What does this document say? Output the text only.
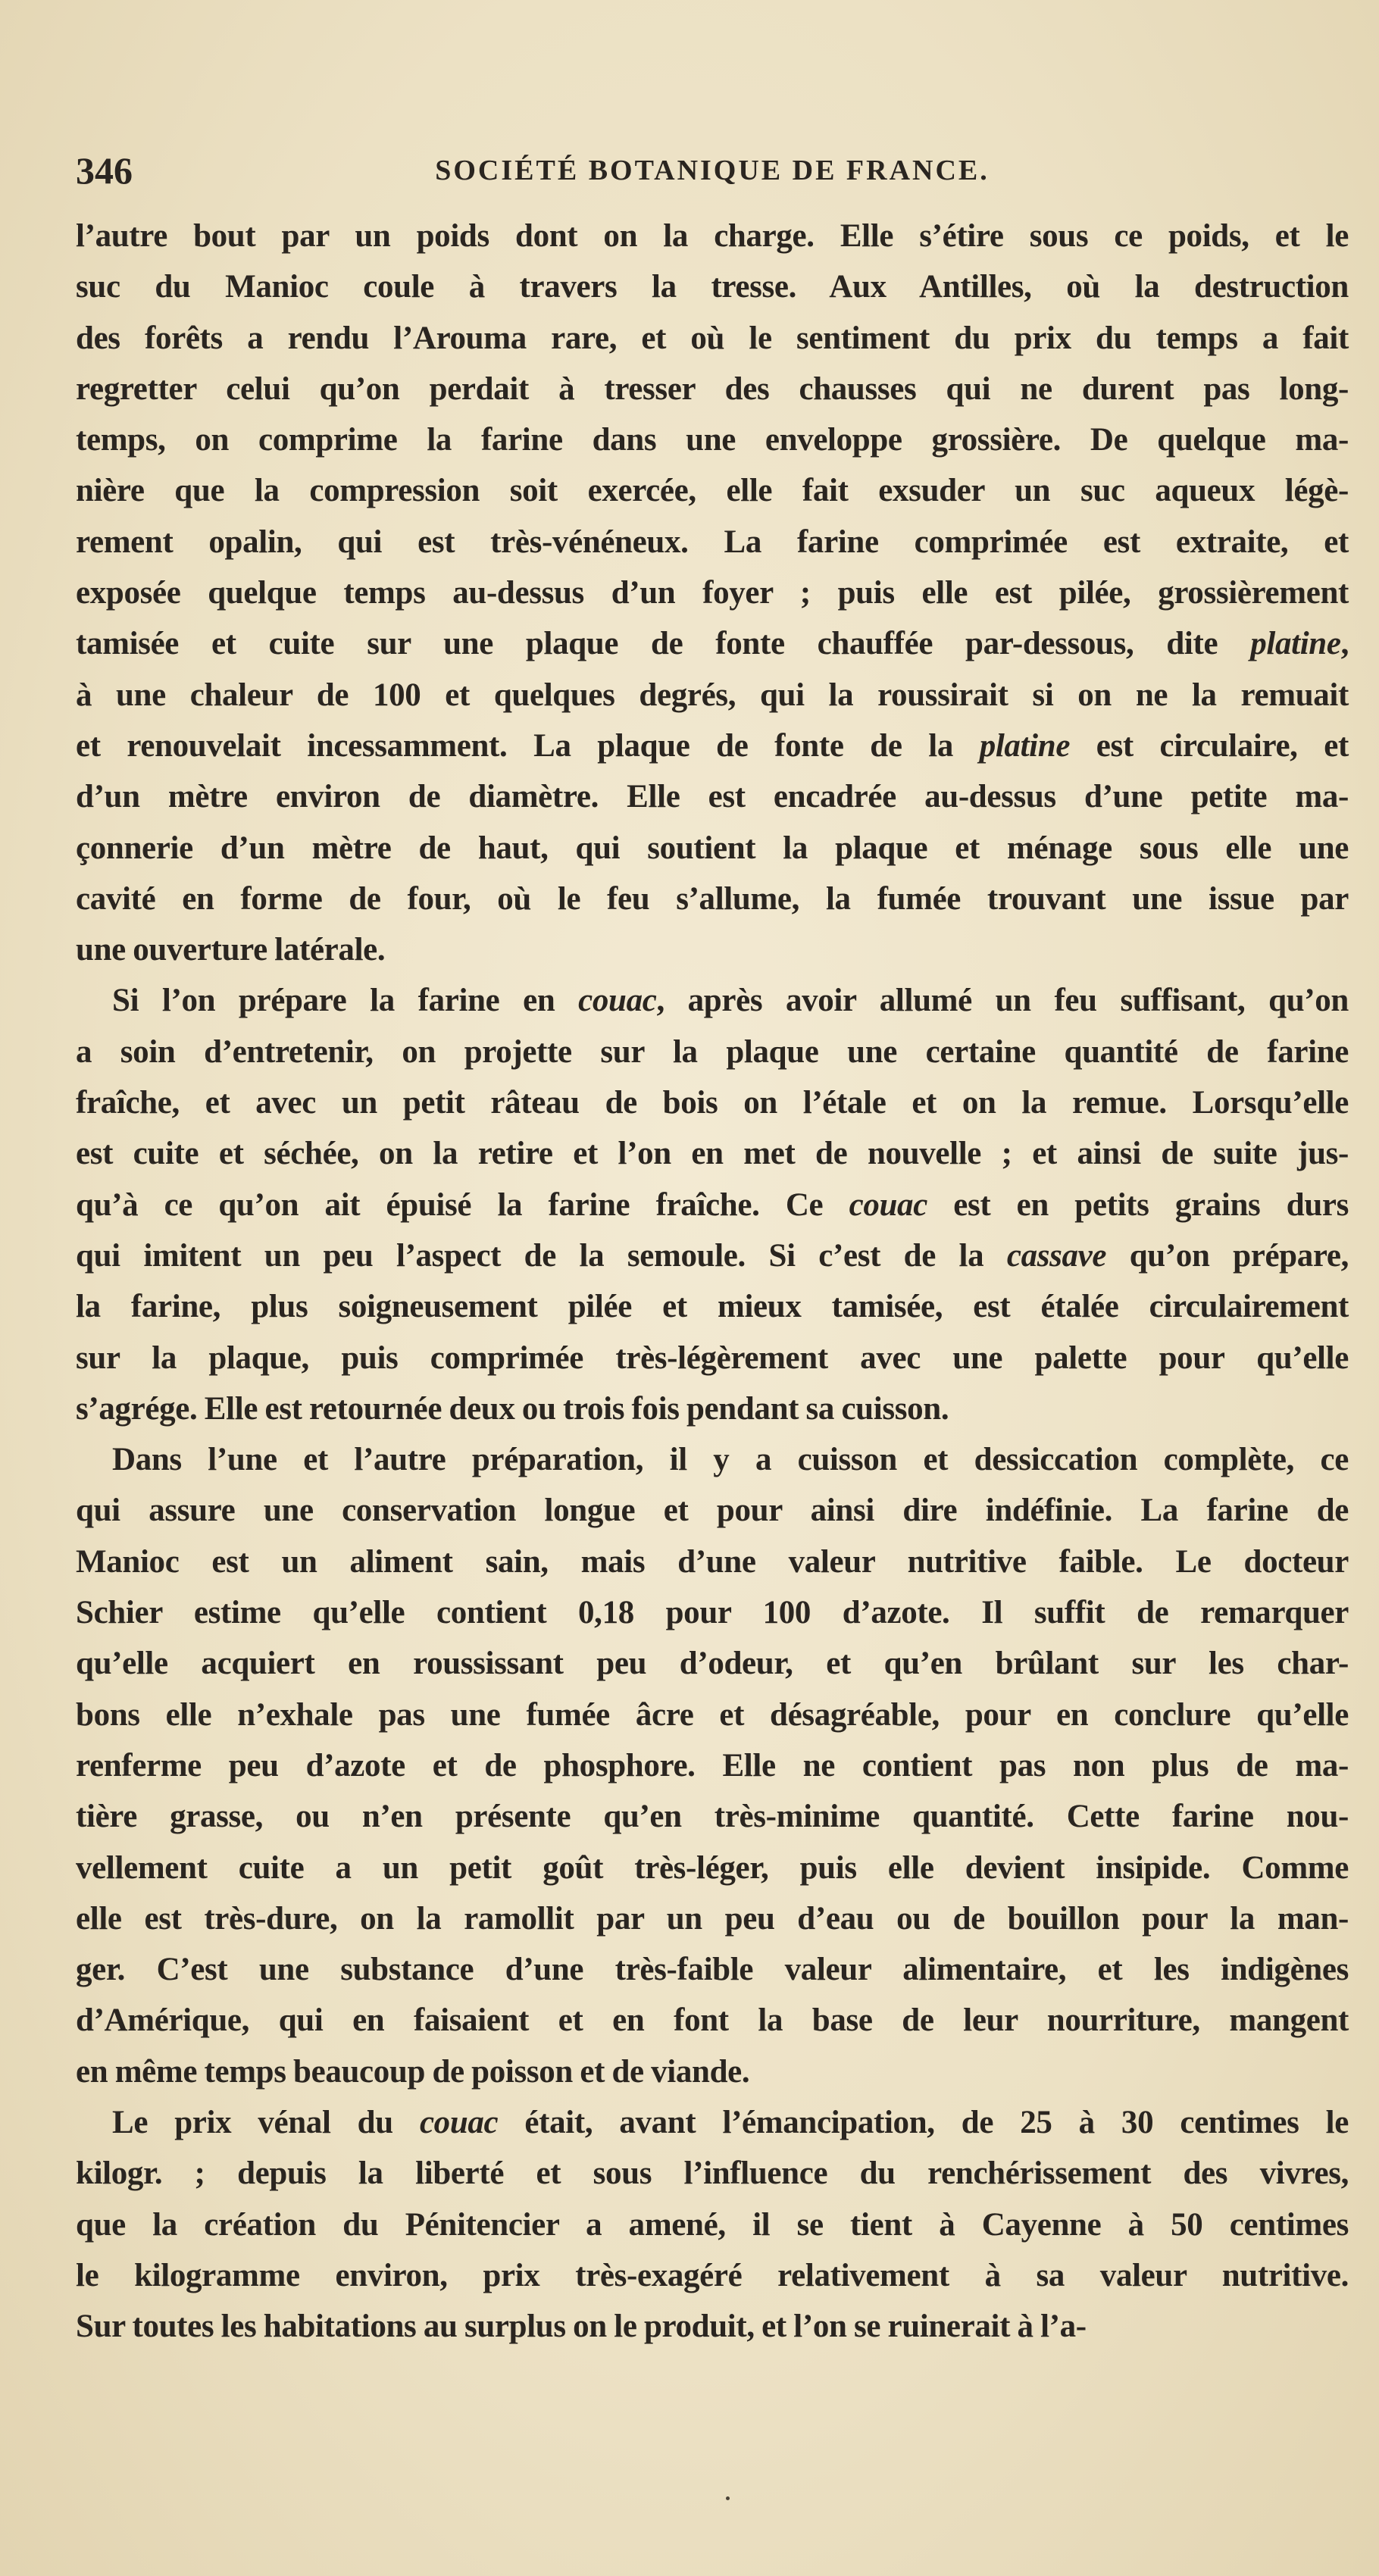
346	SOCIÉTÉ BOTANIQUE DE FRANCE.

l’autre bout par un poids dont on la charge. Elle s’étire sous ce poids, et le
suc du Manioc coule à travers la tresse. Aux Antilles, où la destruction
des forêts a rendu l’Arouma rare, et où le sentiment du prix du temps a fait
regretter celui qu’on perdait à tresser des chausses qui ne durent pas long-
temps, on comprime la farine dans une enveloppe grossière. De quelque ma-
nière que la compression soit exercée, elle fait exsuder un suc aqueux légè-
rement opalin, qui est très-vénéneux. La farine comprimée est extraite, et
exposée quelque temps au-dessus d’un foyer ; puis elle est pilée, grossièrement
tamisée et cuite sur une plaque de fonte chauffée par-dessous, dite platine,
à une chaleur de 100 et quelques degrés, qui la roussirait si on ne la remuait
et renouvelait incessamment. La plaque de fonte de la platine est circulaire, et
d’un mètre environ de diamètre. Elle est encadrée au-dessus d’une petite ma-
çonnerie d’un mètre de haut, qui soutient la plaque et ménage sous elle une
cavité en forme de four, où le feu s’allume, la fumée trouvant une issue par
une ouverture latérale.

Si l’on prépare la farine en couac, après avoir allumé un feu suffisant, qu’on
a soin d’entretenir, on projette sur la plaque une certaine quantité de farine
fraîche, et avec un petit râteau de bois on l’étale et on la remue. Lorsqu’elle
est cuite et séchée, on la retire et l’on en met de nouvelle ; et ainsi de suite jus-
qu’à ce qu’on ait épuisé la farine fraîche. Ce couac est en petits grains durs
qui imitent un peu l’aspect de la semoule. Si c’est de la cassave qu’on prépare,
la farine, plus soigneusement pilée et mieux tamisée, est étalée circulairement
sur la plaque, puis comprimée très-légèrement avec une palette pour qu’elle
s’agrége. Elle est retournée deux ou trois fois pendant sa cuisson.

Dans l’une et l’autre préparation, il y a cuisson et dessiccation complète, ce
qui assure une conservation longue et pour ainsi dire indéfinie. La farine de
Manioc est un aliment sain, mais d’une valeur nutritive faible. Le docteur
Schier estime qu’elle contient 0,18 pour 100 d’azote. Il suffit de remarquer
qu’elle acquiert en roussissant peu d’odeur, et qu’en brûlant sur les char-
bons elle n’exhale pas une fumée âcre et désagréable, pour en conclure qu’elle
renferme peu d’azote et de phosphore. Elle ne contient pas non plus de ma-
tière grasse, ou n’en présente qu’en très-minime quantité. Cette farine nou-
vellement cuite a un petit goût très-léger, puis elle devient insipide. Comme
elle est très-dure, on la ramollit par un peu d’eau ou de bouillon pour la man-
ger. C’est une substance d’une très-faible valeur alimentaire, et les indigènes
d’Amérique, qui en faisaient et en font la base de leur nourriture, mangent
en même temps beaucoup de poisson et de viande.

Le prix vénal du couac était, avant l’émancipation, de 25 à 30 centimes le
kilogr. ; depuis la liberté et sous l’influence du renchérissement des vivres,
que la création du Pénitencier a amené, il se tient à Cayenne à 50 centimes
le kilogramme environ, prix très-exagéré relativement à sa valeur nutritive.
Sur toutes les habitations au surplus on le produit, et l’on se ruinerait à l’a-
